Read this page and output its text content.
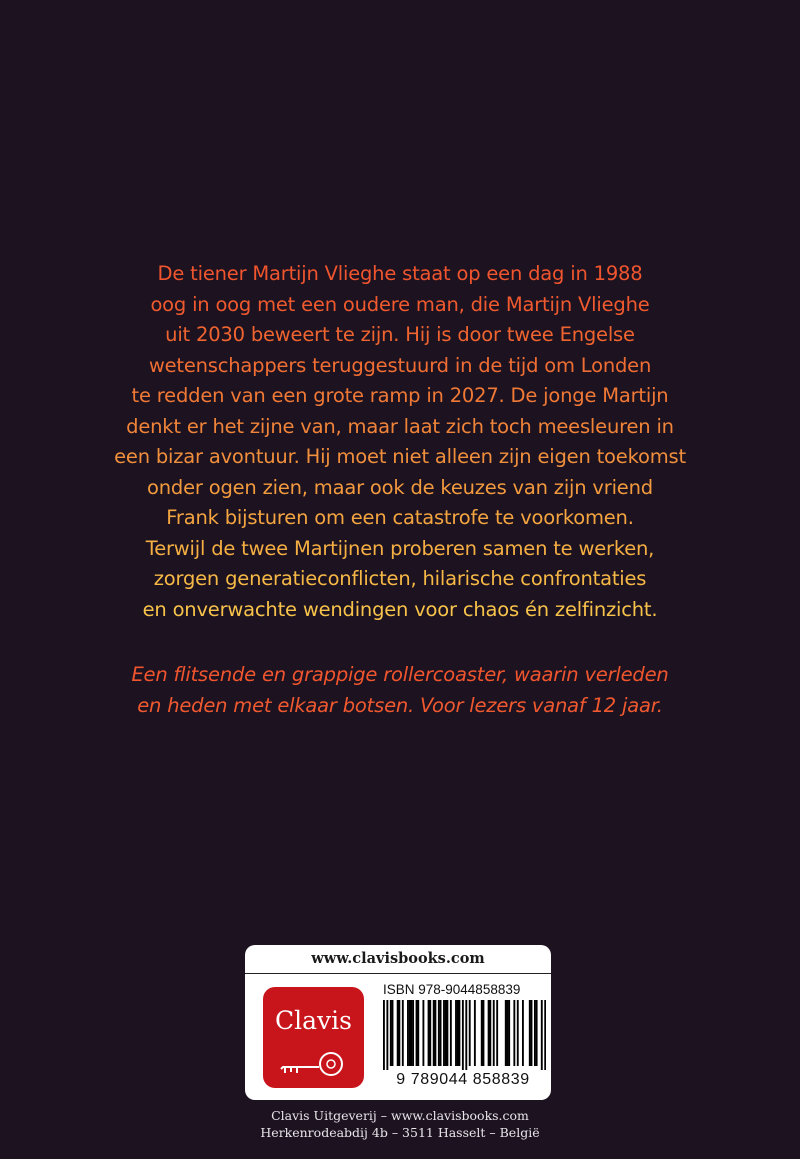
De tiener Martijn Vlieghe staat op een dag in 1988
oog in oog met een oudere man, die Martijn Vlieghe
uit 2030 beweert te zijn. Hij is door twee Engelse
wetenschappers teruggestuurd in de tijd om Londen
te redden van een grote ramp in 2027. De jonge Martijn
denkt er het zijne van, maar laat zich toch meesleuren in
een bizar avontuur. Hij moet niet alleen zijn eigen toekomst
onder ogen zien, maar ook de keuzes van zijn vriend
Frank bijsturen om een catastrofe te voorkomen.
Terwijl de twee Martijnen proberen samen te werken,
zorgen generatieconflicten, hilarische confrontaties
en onverwachte wendingen voor chaos én zelfinzicht.
Een flitsende en grappige rollercoaster, waarin verleden
en heden met elkaar botsen. Voor lezers vanaf 12 jaar.
www.clavisbooks.com
Clavis
ISBN 978-9044858839
9 789044 858839
Clavis Uitgeverij – www.clavisbooks.com
Herkenrodeabdij 4b – 3511 Hasselt – België
